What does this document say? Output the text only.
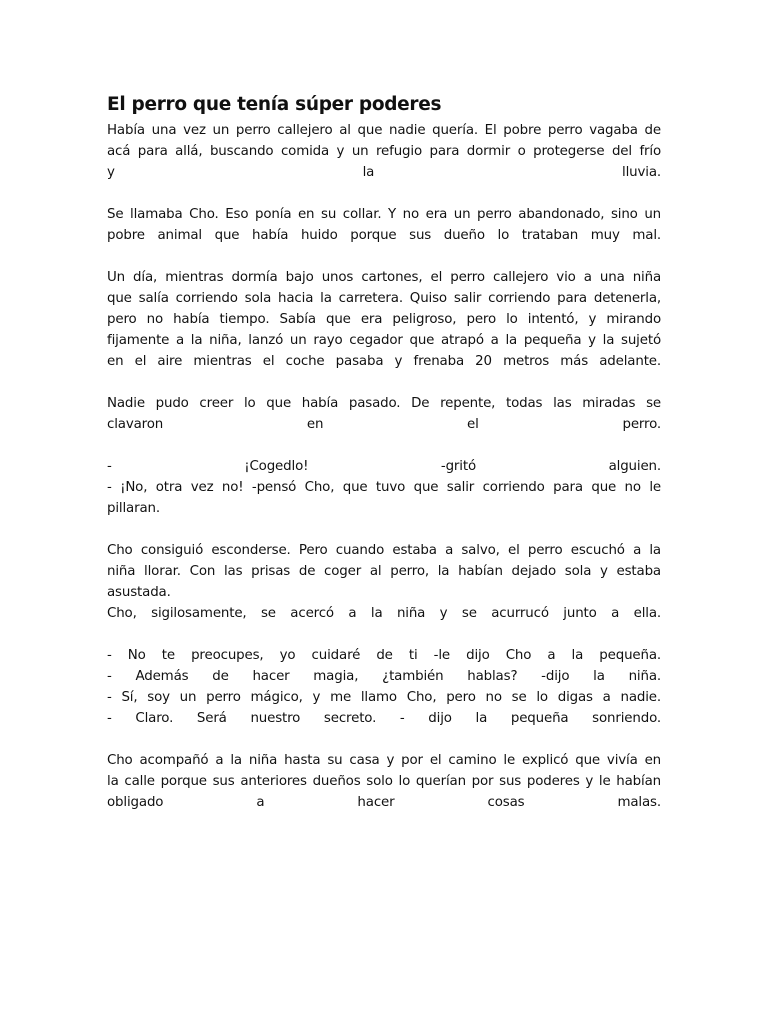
El perro que tenía súper poderes
Había una vez un perro callejero al que nadie quería. El pobre perro vagaba de
acá para allá, buscando comida y un refugio para dormir o protegerse del frío
y la lluvia.
Se llamaba Cho. Eso ponía en su collar. Y no era un perro abandonado, sino un
pobre animal que había huido porque sus dueño lo trataban muy mal.
Un día, mientras dormía bajo unos cartones, el perro callejero vio a una niña
que salía corriendo sola hacia la carretera. Quiso salir corriendo para detenerla,
pero no había tiempo. Sabía que era peligroso, pero lo intentó, y mirando
fijamente a la niña, lanzó un rayo cegador que atrapó a la pequeña y la sujetó
en el aire mientras el coche pasaba y frenaba 20 metros más adelante.
Nadie pudo creer lo que había pasado. De repente, todas las miradas se
clavaron en el perro.
- ¡Cogedlo! -gritó alguien.
- ¡No, otra vez no! -pensó Cho, que tuvo que salir corriendo para que no le
pillaran.
Cho consiguió esconderse. Pero cuando estaba a salvo, el perro escuchó a la
niña llorar. Con las prisas de coger al perro, la habían dejado sola y estaba
asustada.
Cho, sigilosamente, se acercó a la niña y se acurrucó junto a ella.
- No te preocupes, yo cuidaré de ti -le dijo Cho a la pequeña.
- Además de hacer magia, ¿también hablas? -dijo la niña.
- Sí, soy un perro mágico, y me llamo Cho, pero no se lo digas a nadie.
- Claro. Será nuestro secreto. - dijo la pequeña sonriendo.
Cho acompañó a la niña hasta su casa y por el camino le explicó que vivía en
la calle porque sus anteriores dueños solo lo querían por sus poderes y le habían
obligado a hacer cosas malas.
